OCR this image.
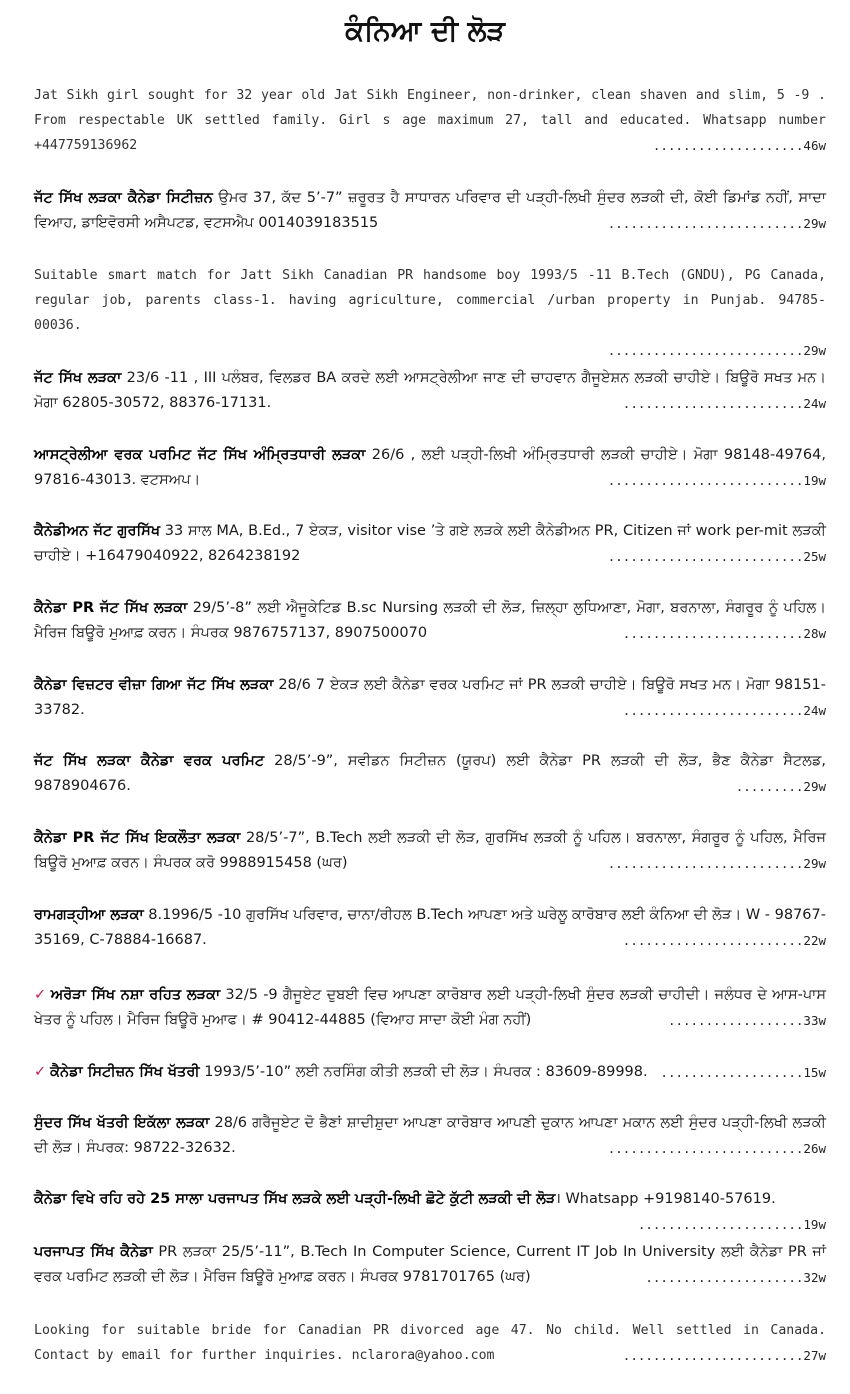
ਕੰਨਿਆ ਦੀ ਲੋੜ
Jat Sikh girl sought for 32 year old Jat Sikh Engineer, non-drinker, clean shaven and slim, 5 -9 . From respectable UK settled family. Girl s age maximum 27, tall and educated. Whatsapp number +447759136962	....................46w
ਜੱਟ ਸਿੱਖ ਲੜਕਾ ਕੈਨੇਡਾ ਸਿਟੀਜ਼ਨ ਉਮਰ 37, ਕੱਦ 5’-7” ਜ਼ਰੂਰਤ ਹੈ ਸਾਧਾਰਨ ਪਰਿਵਾਰ ਦੀ ਪੜ੍ਹੀ-ਲਿਖੀ ਸੁੰਦਰ ਲੜਕੀ ਦੀ, ਕੋਈ ਡਿਮਾਂਡ ਨਹੀਂ, ਸਾਦਾ ਵਿਆਹ, ਡਾਇਵੋਰਸੀ ਅਸੈਪਟਡ, ਵਟਸਐਪ 0014039183515	..........................29w
Suitable smart match for Jatt Sikh Canadian PR handsome boy 1993/5 -11 B.Tech (GNDU), PG Canada, regular job, parents class-1. having agriculture, commercial /urban property in Punjab. 94785-00036.
..........................29w
ਜੱਟ ਸਿੱਖ ਲੜਕਾ 23/6 -11 , III ਪਲੰਬਰ, ਵਿਲਡਰ BA ਕਰਦੇ ਲਈ ਆਸਟ੍ਰੇਲੀਆ ਜਾਣ ਦੀ ਚਾਹਵਾਨ ਗੈਜੂਏਸ਼ਨ ਲੜਕੀ ਚਾਹੀਏ। ਬਿਊਰੋ ਸਖਤ ਮਨ। ਮੋਗਾ 62805-30572, 88376-17131.	........................24w
ਆਸਟ੍ਰੇਲੀਆ ਵਰਕ ਪਰਮਿਟ ਜੱਟ ਸਿੱਖ ਅੰਮ੍ਰਿਤਧਾਰੀ ਲੜਕਾ 26/6 , ਲਈ ਪੜ੍ਹੀ-ਲਿਖੀ ਅੰਮ੍ਰਿਤਧਾਰੀ ਲੜਕੀ ਚਾਹੀਏ। ਮੋਗਾ 98148-49764, 97816-43013. ਵਟਸਅਪ।	..........................19w
ਕੈਨੇਡੀਅਨ ਜੱਟ ਗੁਰਸਿੱਖ 33 ਸਾਲ MA, B.Ed., 7 ਏਕੜ, visitor vise ’ਤੇ ਗਏ ਲੜਕੇ ਲਈ ਕੈਨੇਡੀਅਨ PR, Citizen ਜਾਂ work per-mit ਲੜਕੀ ਚਾਹੀਏ। +16479040922, 8264238192	..........................25w
ਕੈਨੇਡਾ PR ਜੱਟ ਸਿੱਖ ਲੜਕਾ 29/5’-8” ਲਈ ਐਜੂਕੇਟਿਡ B.sc Nursing ਲੜਕੀ ਦੀ ਲੋੜ, ਜ਼ਿਲ੍ਹਾ ਲੁਧਿਆਣਾ, ਮੋਗਾ, ਬਰਨਾਲਾ, ਸੰਗਰੂਰ ਨੂੰ ਪਹਿਲ। ਮੈਰਿਜ ਬਿਊਰੋ ਮੁਆਫ਼ ਕਰਨ। ਸੰਪਰਕ 9876757137, 8907500070	........................28w
ਕੈਨੇਡਾ ਵਿਜ਼ਟਰ ਵੀਜ਼ਾ ਗਿਆ ਜੱਟ ਸਿੱਖ ਲੜਕਾ 28/6 7 ਏਕੜ ਲਈ ਕੈਨੇਡਾ ਵਰਕ ਪਰਮਿਟ ਜਾਂ PR ਲੜਕੀ ਚਾਹੀਏ। ਬਿਊਰੋ ਸਖਤ ਮਨ। ਮੋਗਾ 98151-33782.	........................24w
ਜੱਟ ਸਿੱਖ ਲੜਕਾ ਕੈਨੇਡਾ ਵਰਕ ਪਰਮਿਟ 28/5’-9”, ਸਵੀਡਨ ਸਿਟੀਜ਼ਨ (ਯੂਰਪ) ਲਈ ਕੈਨੇਡਾ PR ਲੜਕੀ ਦੀ ਲੋੜ, ਭੈਣ ਕੈਨੇਡਾ ਸੈਟਲਡ, 9878904676.	.........29w
ਕੈਨੇਡਾ PR ਜੱਟ ਸਿੱਖ ਇਕਲੌਤਾ ਲੜਕਾ 28/5’-7”, B.Tech ਲਈ ਲੜਕੀ ਦੀ ਲੋੜ, ਗੁਰਸਿੱਖ ਲੜਕੀ ਨੂੰ ਪਹਿਲ। ਬਰਨਾਲਾ, ਸੰਗਰੂਰ ਨੂੰ ਪਹਿਲ, ਮੈਰਿਜ ਬਿਊਰੋ ਮੁਆਫ਼ ਕਰਨ। ਸੰਪਰਕ ਕਰੋ 9988915458 (ਘਰ)	..........................29w
ਰਾਮਗੜ੍ਹੀਆ ਲੜਕਾ 8.1996/5 -10 ਗੁਰਸਿੱਖ ਪਰਿਵਾਰ, ਚਾਨਾ/ਰੀਹਲ B.Tech ਆਪਣਾ ਅਤੇ ਘਰੇਲੂ ਕਾਰੋਬਾਰ ਲਈ ਕੰਨਿਆ ਦੀ ਲੋੜ। W - 98767-35169, C-78884-16687.	........................22w
✓ ਅਰੋੜਾ ਸਿੱਖ ਨਸ਼ਾ ਰਹਿਤ ਲੜਕਾ 32/5 -9 ਗੈਜੂਏਟ ਦੁਬਈ ਵਿਚ ਆਪਣਾ ਕਾਰੋਬਾਰ ਲਈ ਪੜ੍ਹੀ-ਲਿਖੀ ਸੁੰਦਰ ਲੜਕੀ ਚਾਹੀਦੀ। ਜਲੰਧਰ ਦੇ ਆਸ-ਪਾਸ ਖੇਤਰ ਨੂੰ ਪਹਿਲ। ਮੈਰਿਜ ਬਿਊਰੋ ਮੁਆਫ। # 90412-44885 (ਵਿਆਹ ਸਾਦਾ ਕੋਈ ਮੰਗ ਨਹੀਂ)	..................33w
✓ ਕੈਨੇਡਾ ਸਿਟੀਜ਼ਨ ਸਿੱਖ ਖੱਤਰੀ 1993/5’-10” ਲਈ ਨਰਸਿੰਗ ਕੀਤੀ ਲੜਕੀ ਦੀ ਲੋੜ। ਸੰਪਰਕ : 83609-89998. ...................15w
ਸੁੰਦਰ ਸਿੱਖ ਖੱਤਰੀ ਇਕੱਲਾ ਲੜਕਾ 28/6 ਗਰੈਜੂਏਟ ਦੋ ਭੈਣਾਂ ਸ਼ਾਦੀਸ਼ੁਦਾ ਆਪਣਾ ਕਾਰੋਬਾਰ ਆਪਣੀ ਦੁਕਾਨ ਆਪਣਾ ਮਕਾਨ ਲਈ ਸੁੰਦਰ ਪੜ੍ਹੀ-ਲਿਖੀ ਲੜਕੀ ਦੀ ਲੋੜ। ਸੰਪਰਕ: 98722-32632.	..........................26w
ਕੈਨੇਡਾ ਵਿਖੇ ਰਹਿ ਰਹੇ 25 ਸਾਲਾ ਪਰਜਾਪਤ ਸਿੱਖ ਲੜਕੇ ਲਈ ਪੜ੍ਹੀ-ਲਿਖੀ ਛੋਟੇ ਕੁੱਟੀ ਲੜਕੀ ਦੀ ਲੋੜ। Whatsapp +9198140-57619.
......................19w
ਪਰਜਾਪਤ ਸਿੱਖ ਕੈਨੇਡਾ PR ਲੜਕਾ 25/5’-11”, B.Tech In Computer Science, Current IT Job In University ਲਈ ਕੈਨੇਡਾ PR ਜਾਂ ਵਰਕ ਪਰਮਿਟ ਲੜਕੀ ਦੀ ਲੋੜ। ਮੈਰਿਜ ਬਿਊਰੋ ਮੁਆਫ਼ ਕਰਨ। ਸੰਪਰਕ 9781701765 (ਘਰ)	.....................32w
Looking for suitable bride for Canadian PR divorced age 47. No child. Well settled in Canada. Contact by email for further inquiries. nclarora@yahoo.com	........................27w
